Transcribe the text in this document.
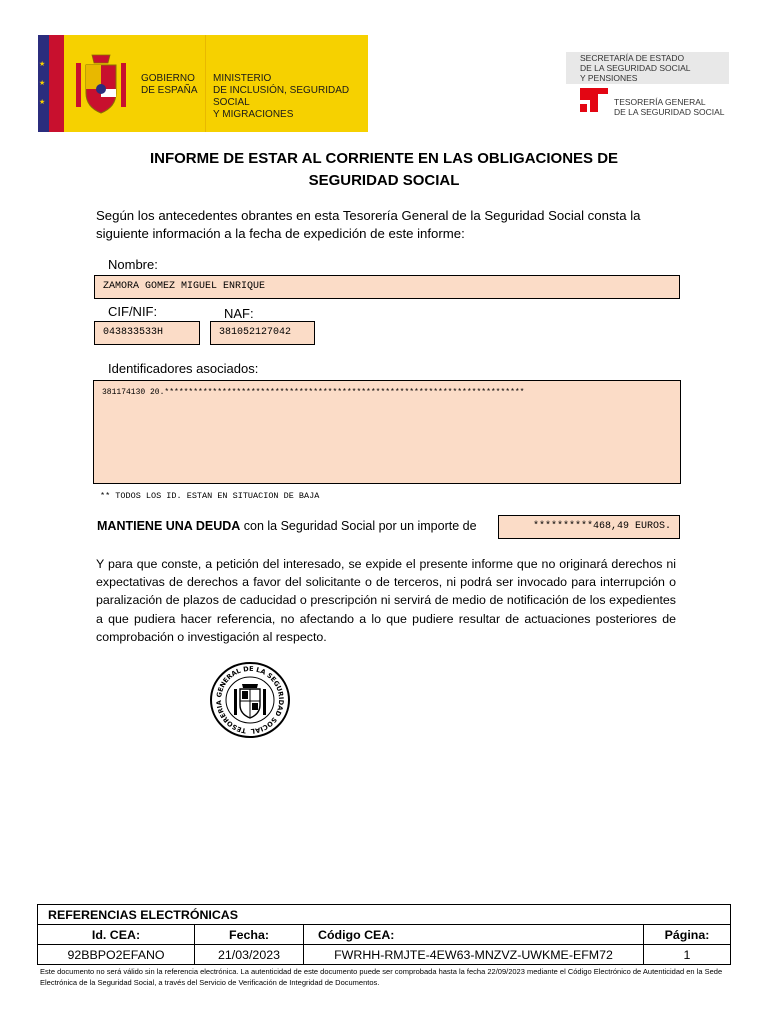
★
★
★
GOBIERNO
DE ESPAÑA
MINISTERIO
DE INCLUSIÓN, SEGURIDAD SOCIAL
Y MIGRACIONES
SECRETARÍA DE ESTADO
DE LA SEGURIDAD SOCIAL
Y PENSIONES
TESORERÍA GENERAL
DE LA SEGURIDAD SOCIAL
INFORME DE ESTAR AL CORRIENTE EN LAS OBLIGACIONES DE
SEGURIDAD SOCIAL
Según los antecedentes obrantes en esta Tesorería General de la Seguridad Social consta la siguiente información a la fecha de expedición de este informe:
Nombre:
ZAMORA GOMEZ MIGUEL ENRIQUE
CIF/NIF:
043833533H
NAF:
381052127042
Identificadores asociados:
381174130 20.***************************************************************************
** TODOS LOS ID. ESTAN EN SITUACION DE BAJA
MANTIENE UNA DEUDA con la Seguridad Social por un importe de	**********468,49 EUROS.
Y para que conste, a petición del interesado, se expide el presente informe que no originará derechos ni expectativas de derechos a favor del solicitante o de terceros, ni podrá ser invocado para interrupción o paralización de plazos de caducidad o prescripción ni servirá de medio de notificación de los expedientes a que pudiera hacer referencia, no afectando a lo que pudiere resultar de actuaciones posteriores de comprobación o investigación al respecto.
TESORERIA GENERAL DE LA SEGURIDAD SOCIAL
REFERENCIAS ELECTRÓNICAS			
Id. CEA:	Fecha:	Código CEA:	Página:
92BBPO2EFANO	21/03/2023	FWRHH-RMJTE-4EW63-MNZVZ-UWKME-EFM72	1
Este documento no será válido sin la referencia electrónica. La autenticidad de este documento puede ser comprobada hasta la fecha 22/09/2023 mediante el Código Electrónico de Autenticidad en la Sede Electrónica de la Seguridad Social, a través del Servicio de Verificación de Integridad de Documentos.
